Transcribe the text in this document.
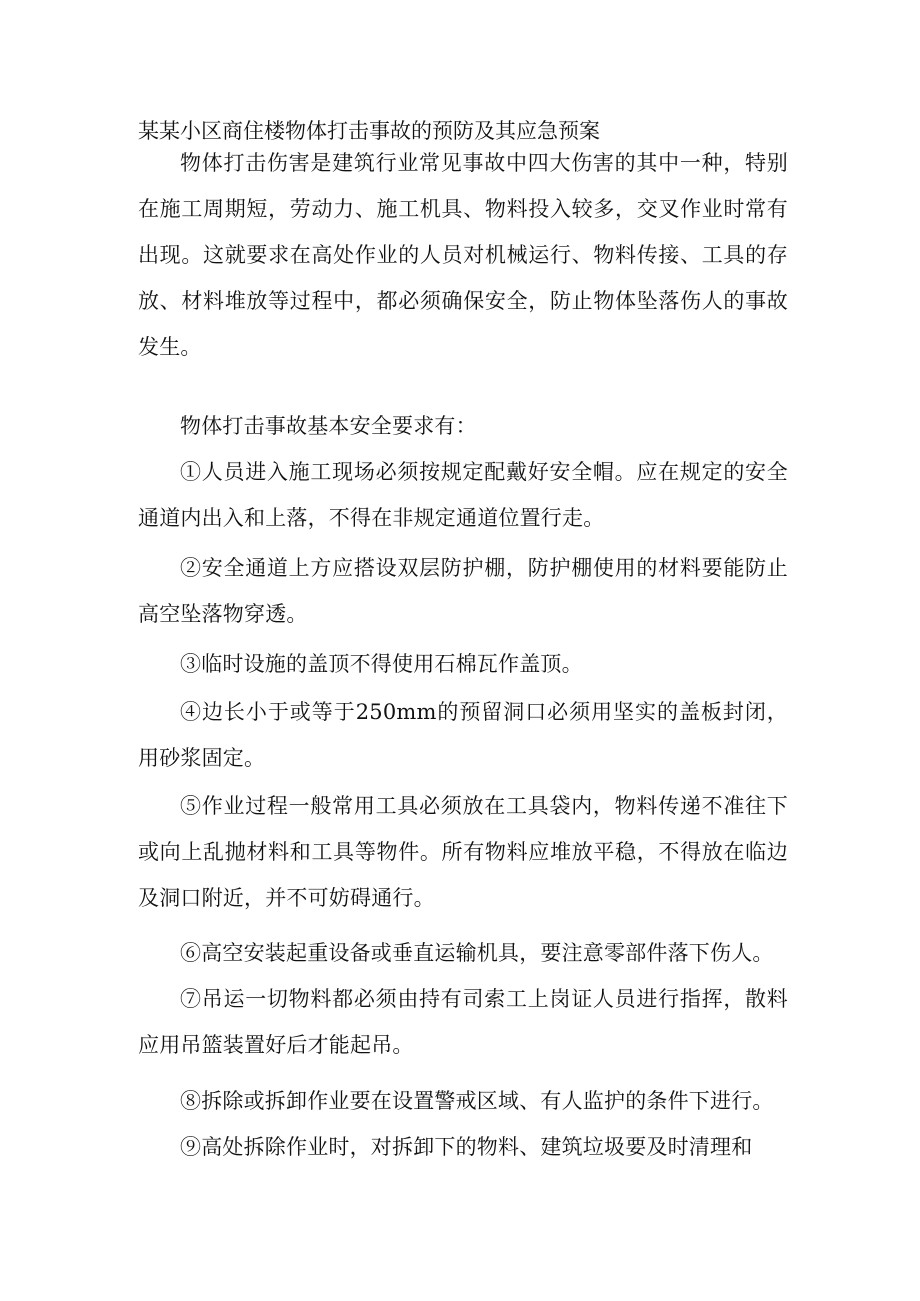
某某小区商住楼物体打击事故的预防及其应急预案

物体打击伤害是建筑行业常见事故中四大伤害的其中一种，特别在施工周期短，劳动力、施工机具、物料投入较多，交叉作业时常有出现。这就要求在高处作业的人员对机械运行、物料传接、工具的存放、材料堆放等过程中，都必须确保安全，防止物体坠落伤人的事故发生。

物体打击事故基本安全要求有：

①人员进入施工现场必须按规定配戴好安全帽。应在规定的安全通道内出入和上落，不得在非规定通道位置行走。

②安全通道上方应搭设双层防护棚，防护棚使用的材料要能防止高空坠落物穿透。

③临时设施的盖顶不得使用石棉瓦作盖顶。

④边长小于或等于250mm的预留洞口必须用坚实的盖板封闭，用砂浆固定。

⑤作业过程一般常用工具必须放在工具袋内，物料传递不准往下或向上乱抛材料和工具等物件。所有物料应堆放平稳，不得放在临边及洞口附近，并不可妨碍通行。

⑥高空安装起重设备或垂直运输机具，要注意零部件落下伤人。

⑦吊运一切物料都必须由持有司索工上岗证人员进行指挥，散料应用吊篮装置好后才能起吊。

⑧拆除或拆卸作业要在设置警戒区域、有人监护的条件下进行。

⑨高处拆除作业时，对拆卸下的物料、建筑垃圾要及时清理和
